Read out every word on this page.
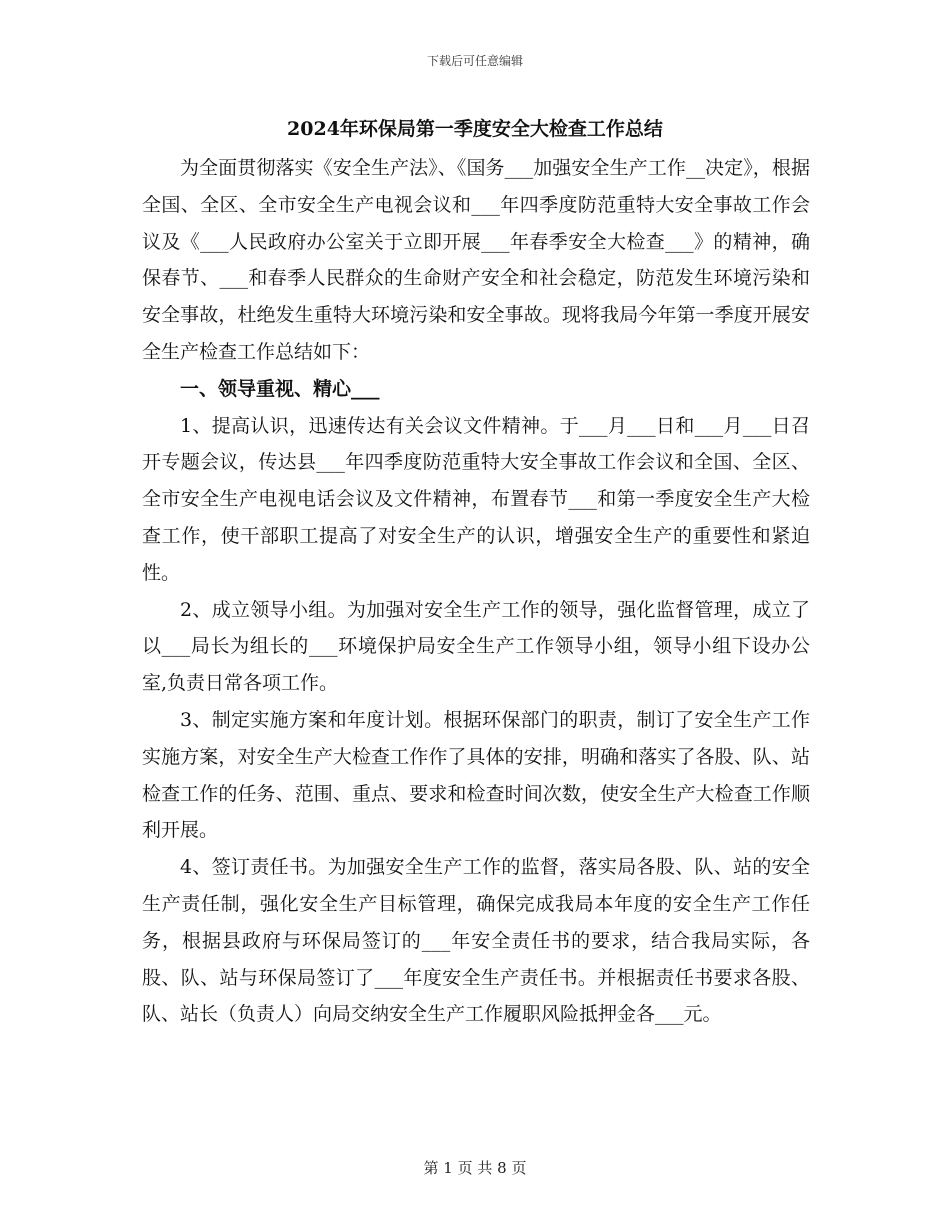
下载后可任意编辑
2024年环保局第一季度安全大检查工作总结

为全面贯彻落实《安全生产法》、《国务___加强安全生产工作__决定》，根据全国、全区、全市安全生产电视会议和___年四季度防范重特大安全事故工作会议及《___人民政府办公室关于立即开展___年春季安全大检查___》的精神，确保春节、___和春季人民群众的生命财产安全和社会稳定，防范发生环境污染和安全事故，杜绝发生重特大环境污染和安全事故。现将我局今年第一季度开展安全生产检查工作总结如下：

一、领导重视、精心___

1、提高认识，迅速传达有关会议文件精神。于___月___日和___月___日召开专题会议，传达县___年四季度防范重特大安全事故工作会议和全国、全区、全市安全生产电视电话会议及文件精神，布置春节___和第一季度安全生产大检查工作，使干部职工提高了对安全生产的认识，增强安全生产的重要性和紧迫性。

2、成立领导小组。为加强对安全生产工作的领导，强化监督管理，成立了以___局长为组长的___环境保护局安全生产工作领导小组，领导小组下设办公室,负责日常各项工作。

3、制定实施方案和年度计划。根据环保部门的职责，制订了安全生产工作实施方案，对安全生产大检查工作作了具体的安排，明确和落实了各股、队、站检查工作的任务、范围、重点、要求和检查时间次数，使安全生产大检查工作顺利开展。

4、签订责任书。为加强安全生产工作的监督，落实局各股、队、站的安全生产责任制，强化安全生产目标管理，确保完成我局本年度的安全生产工作任务，根据县政府与环保局签订的___年安全责任书的要求，结合我局实际，各股、队、站与环保局签订了___年度安全生产责任书。并根据责任书要求各股、队、站长（负责人）向局交纳安全生产工作履职风险抵押金各___元。

第 1 页 共 8 页
